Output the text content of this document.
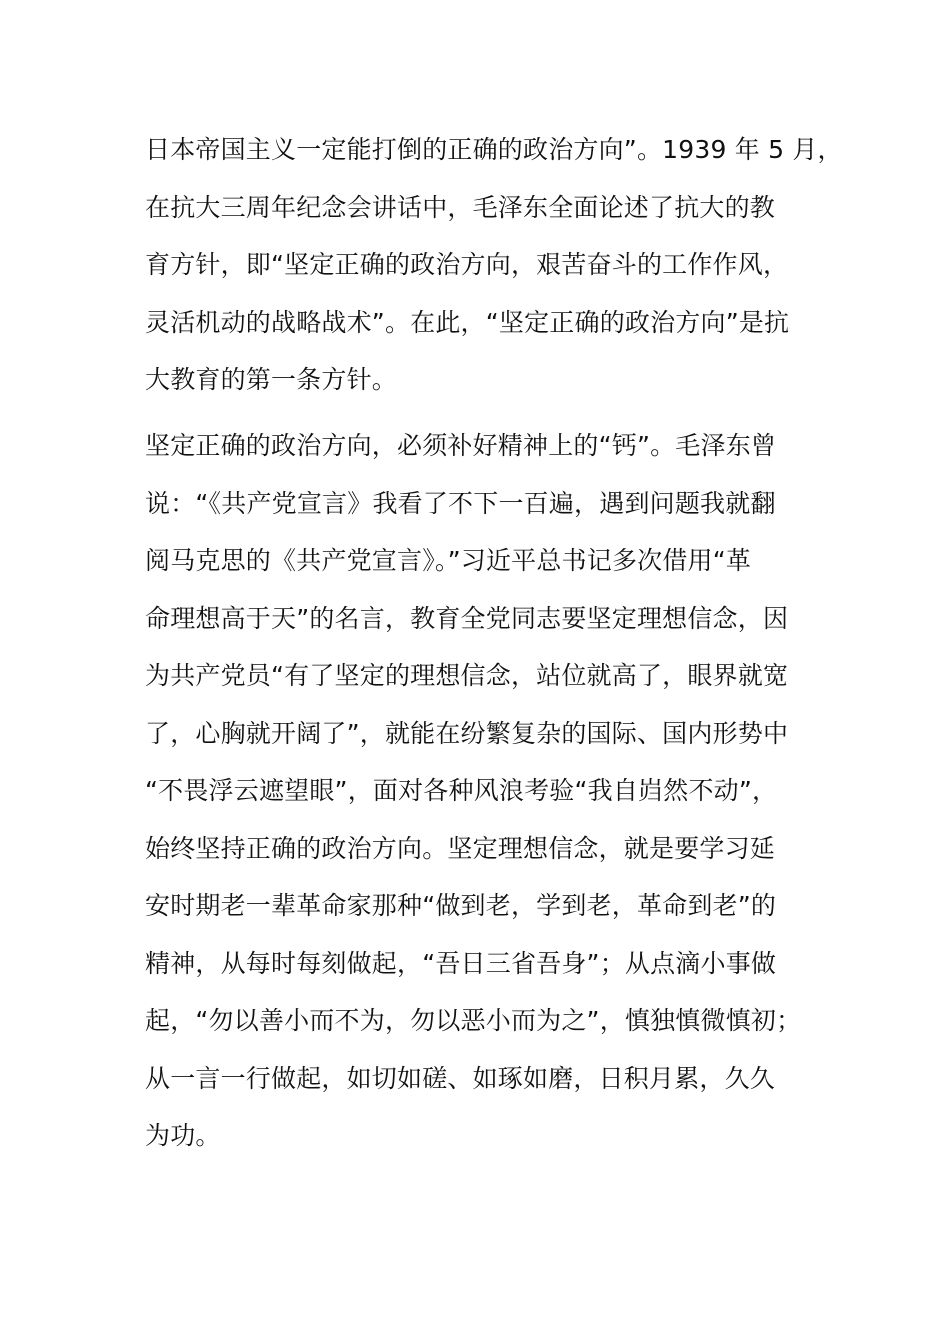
日本帝国主义一定能打倒的正确的政治方向”。1939 年 5 月，
在抗大三周年纪念会讲话中，毛泽东全面论述了抗大的教
育方针，即“坚定正确的政治方向，艰苦奋斗的工作作风，
灵活机动的战略战术”。在此，“坚定正确的政治方向”是抗
大教育的第一条方针。
坚定正确的政治方向，必须补好精神上的“钙”。毛泽东曾
说：“《共产党宣言》我看了不下一百遍，遇到问题我就翻
阅马克思的《共产党宣言》。”习近平总书记多次借用“革
命理想高于天”的名言，教育全党同志要坚定理想信念，因
为共产党员“有了坚定的理想信念，站位就高了，眼界就宽
了，心胸就开阔了”，就能在纷繁复杂的国际、国内形势中
“不畏浮云遮望眼”，面对各种风浪考验“我自岿然不动”，
始终坚持正确的政治方向。坚定理想信念，就是要学习延
安时期老一辈革命家那种“做到老，学到老，革命到老”的
精神，从每时每刻做起，“吾日三省吾身”；从点滴小事做
起，“勿以善小而不为，勿以恶小而为之”，慎独慎微慎初；
从一言一行做起，如切如磋、如琢如磨，日积月累，久久
为功。
